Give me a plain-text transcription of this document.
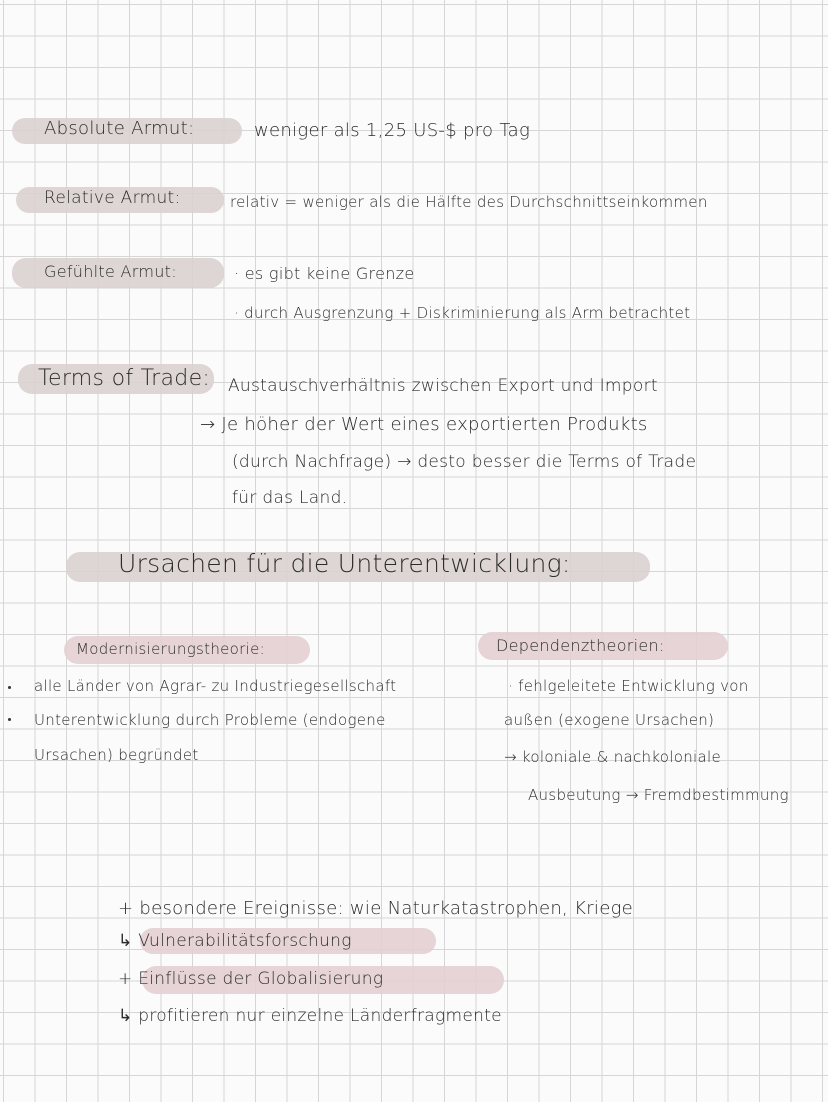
Absolute Armut:	weniger als 1,25 US-$ pro Tag
Relative Armut:	relativ = weniger als die Hälfte des Durchschnittseinkommen
Gefühlte Armut:	· es gibt keine Grenze
· durch Ausgrenzung + Diskriminierung als Arm betrachtet
Terms of Trade: Austauschverhältnis zwischen Export und Import
→ Je höher der Wert eines exportierten Produkts
(durch Nachfrage) → desto besser die Terms of Trade
für das Land.
Ursachen für die Unterentwicklung:
Modernisierungstheorie:
alle Länder von Agrar- zu Industriegesellschaft
Unterentwicklung durch Probleme (endogene
Ursachen) begründet
Dependenztheorien:
· fehlgeleitete Entwicklung von
außen (exogene Ursachen)
→ koloniale & nachkoloniale
Ausbeutung → Fremdbestimmung
+ besondere Ereignisse: wie Naturkatastrophen, Kriege
↳ Vulnerabilitätsforschung
+ Einflüsse der Globalisierung
↳ profitieren nur einzelne Länderfragmente
